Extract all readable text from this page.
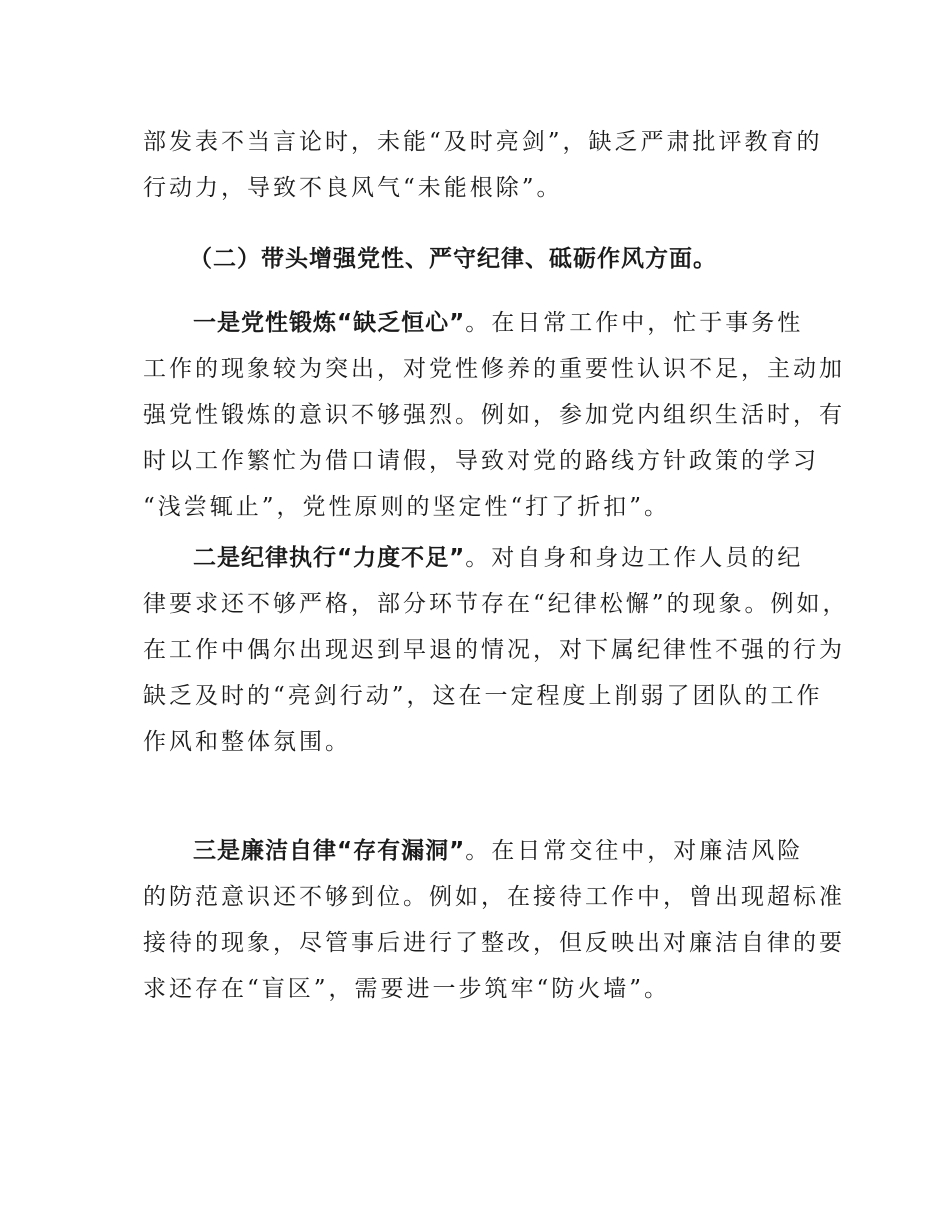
部发表不当言论时，未能“及时亮剑”，缺乏严肃批评教育的
行动力，导致不良风气“未能根除”。
（二）带头增强党性、严守纪律、砥砺作风方面。
一是党性锻炼“缺乏恒心”。在日常工作中，忙于事务性
工作的现象较为突出，对党性修养的重要性认识不足，主动加
强党性锻炼的意识不够强烈。例如，参加党内组织生活时，有
时以工作繁忙为借口请假，导致对党的路线方针政策的学习
“浅尝辄止”，党性原则的坚定性“打了折扣”。
二是纪律执行“力度不足”。对自身和身边工作人员的纪
律要求还不够严格，部分环节存在“纪律松懈”的现象。例如，
在工作中偶尔出现迟到早退的情况，对下属纪律性不强的行为
缺乏及时的“亮剑行动”，这在一定程度上削弱了团队的工作
作风和整体氛围。
三是廉洁自律“存有漏洞”。在日常交往中，对廉洁风险
的防范意识还不够到位。例如，在接待工作中，曾出现超标准
接待的现象，尽管事后进行了整改，但反映出对廉洁自律的要
求还存在“盲区”，需要进一步筑牢“防火墙”。
